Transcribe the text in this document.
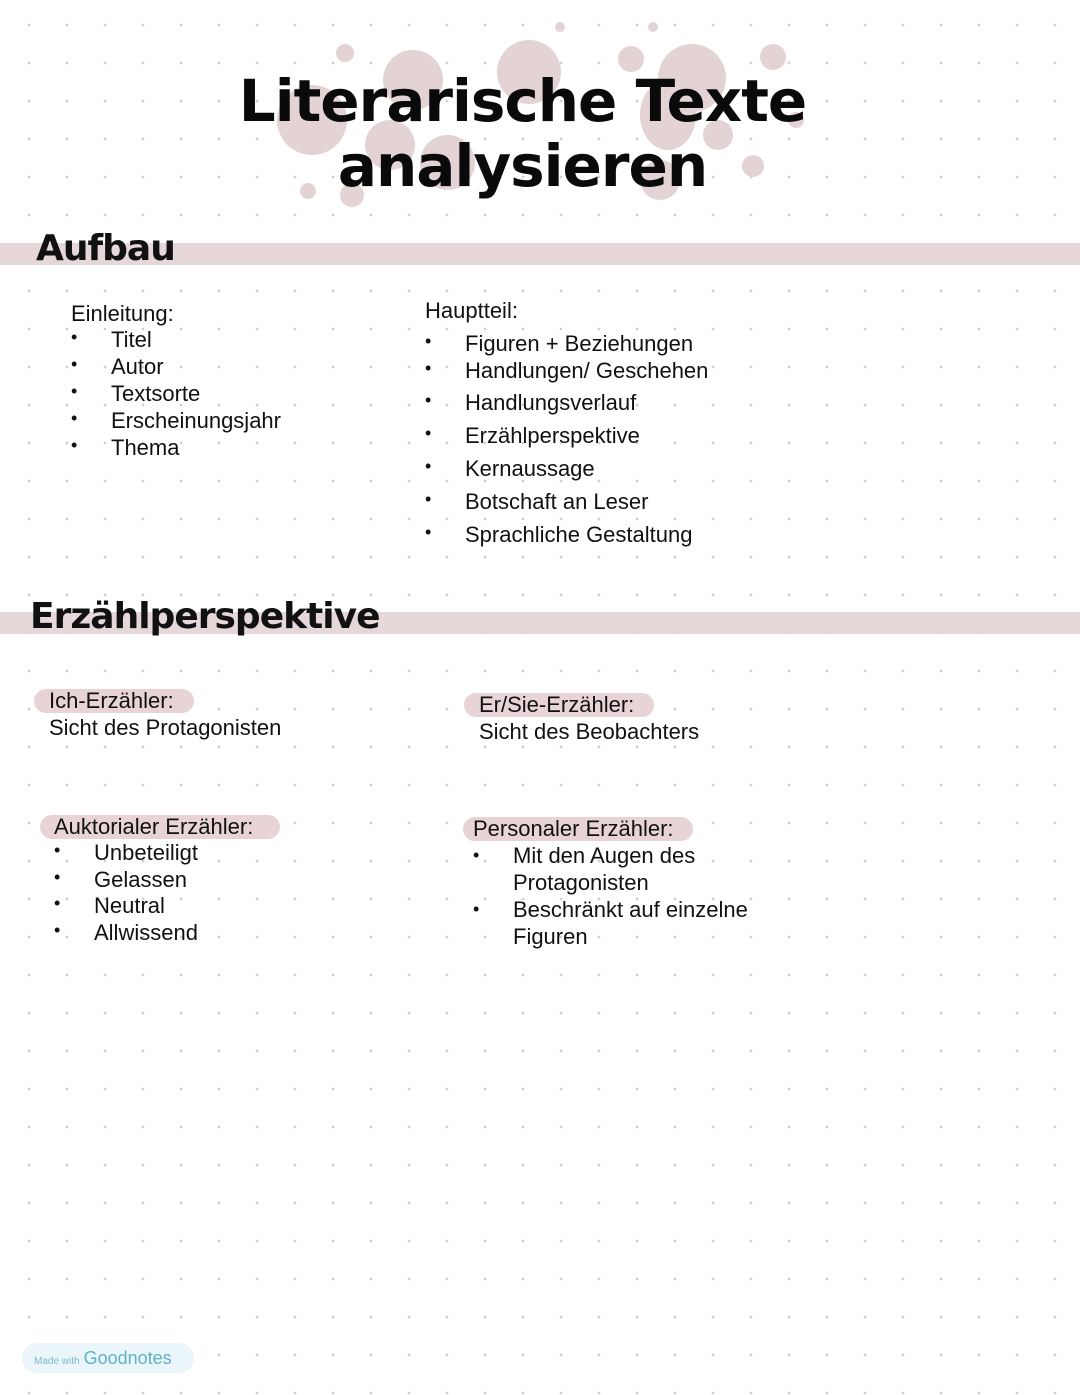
Literarische Texte
analysieren
Aufbau
Einleitung:
• Titel
• Autor
• Textsorte
• Erscheinungsjahr
• Thema
Hauptteil:
• Figuren + Beziehungen
• Handlungen/ Geschehen
• Handlungsverlauf
• Erzählperspektive
• Kernaussage
• Botschaft an Leser
• Sprachliche Gestaltung
Erzählperspektive
Ich-Erzähler:
Sicht des Protagonisten
Er/Sie-Erzähler:
Sicht des Beobachters
Auktorialer Erzähler:
• Unbeteiligt
• Gelassen
• Neutral
• Allwissend
Personaler Erzähler:
• Mit den Augen des
Protagonisten
• Beschränkt auf einzelne
Figuren
Made with Goodnotes
